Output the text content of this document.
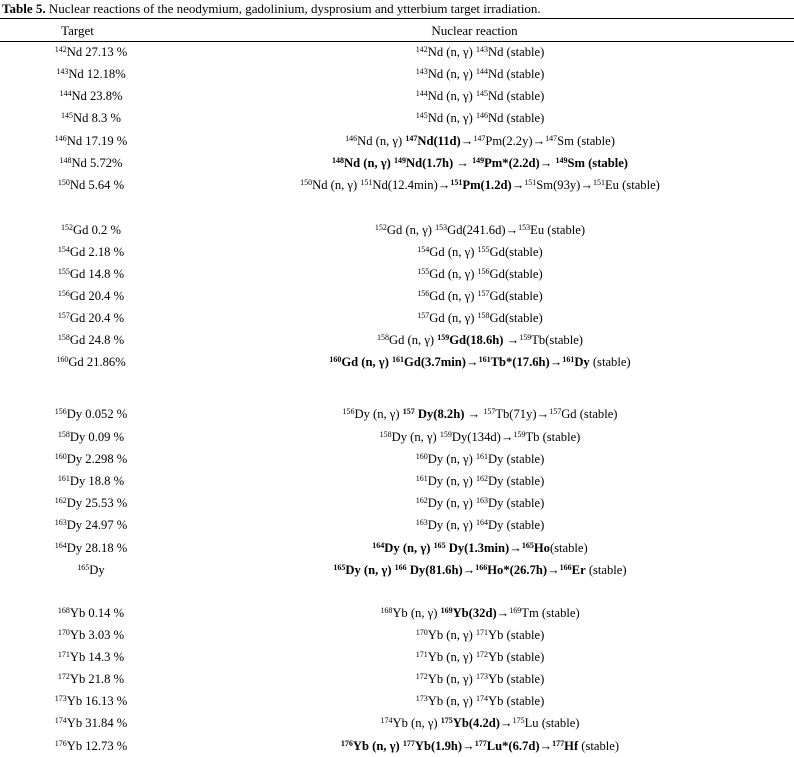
Table 5. Nuclear reactions of the neodymium, gadolinium, dysprosium and ytterbium target irradiation.
Target	Nuclear reaction
$^{142}$Nd 27.13 %	$^{142}$Nd (n, γ) $^{143}$Nd (stable)
$^{143}$Nd 12.18%	$^{143}$Nd (n, γ) $^{144}$Nd (stable)
$^{144}$Nd 23.8%	$^{144}$Nd (n, γ) $^{145}$Nd (stable)
$^{145}$Nd 8.3 %	$^{145}$Nd (n, γ) $^{146}$Nd (stable)
$^{146}$Nd 17.19 %	$^{146}$Nd (n, γ) $^{147}$Nd(11d)→$^{147}$Pm(2.2y)→$^{147}$Sm (stable)
$^{148}$Nd 5.72%	$^{148}$Nd (n, γ) $^{149}$Nd(1.7h) → $^{149}$Pm*(2.2d)→ $^{149}$Sm (stable)
$^{150}$Nd 5.64 %	$^{150}$Nd (n, γ) $^{151}$Nd(12.4min)→$^{151}$Pm(1.2d)→$^{151}$Sm(93y)→$^{151}$Eu (stable)
$^{152}$Gd 0.2 %	$^{152}$Gd (n, γ) $^{153}$Gd(241.6d)→$^{153}$Eu (stable)
$^{154}$Gd 2.18 %	$^{154}$Gd (n, γ) $^{155}$Gd(stable)
$^{155}$Gd 14.8 %	$^{155}$Gd (n, γ) $^{156}$Gd(stable)
$^{156}$Gd 20.4 %	$^{156}$Gd (n, γ) $^{157}$Gd(stable)
$^{157}$Gd 20.4 %	$^{157}$Gd (n, γ) $^{158}$Gd(stable)
$^{158}$Gd 24.8 %	$^{158}$Gd (n, γ) $^{159}$Gd(18.6h) →$^{159}$Tb(stable)
$^{160}$Gd 21.86%	$^{160}$Gd (n, γ) $^{161}$Gd(3.7min)→$^{161}$Tb*(17.6h)→$^{161}$Dy (stable)
$^{156}$Dy 0.052 %	$^{156}$Dy (n, γ) $^{157}$ Dy(8.2h) → $^{157}$Tb(71y)→$^{157}$Gd (stable)
$^{158}$Dy 0.09 %	$^{158}$Dy (n, γ) $^{159}$Dy(134d)→$^{159}$Tb (stable)
$^{160}$Dy 2.298 %	$^{160}$Dy (n, γ) $^{161}$Dy (stable)
$^{161}$Dy 18.8 %	$^{161}$Dy (n, γ) $^{162}$Dy (stable)
$^{162}$Dy 25.53 %	$^{162}$Dy (n, γ) $^{163}$Dy (stable)
$^{163}$Dy 24.97 %	$^{163}$Dy (n, γ) $^{164}$Dy (stable)
$^{164}$Dy 28.18 %	$^{164}$Dy (n, γ) $^{165}$ Dy(1.3min)→$^{165}$Ho(stable)
$^{165}$Dy	$^{165}$Dy (n, γ) $^{166}$ Dy(81.6h)→$^{166}$Ho*(26.7h)→$^{166}$Er (stable)
$^{168}$Yb 0.14 %	$^{168}$Yb (n, γ) $^{169}$Yb(32d)→$^{169}$Tm (stable)
$^{170}$Yb 3.03 %	$^{170}$Yb (n, γ) $^{171}$Yb (stable)
$^{171}$Yb 14.3 %	$^{171}$Yb (n, γ) $^{172}$Yb (stable)
$^{172}$Yb 21.8 %	$^{172}$Yb (n, γ) $^{173}$Yb (stable)
$^{173}$Yb 16.13 %	$^{173}$Yb (n, γ) $^{174}$Yb (stable)
$^{174}$Yb 31.84 %	$^{174}$Yb (n, γ) $^{175}$Yb(4.2d)→$^{175}$Lu (stable)
$^{176}$Yb 12.73 %	$^{176}$Yb (n, γ) $^{177}$Yb(1.9h)→$^{177}$Lu*(6.7d)→$^{177}$Hf (stable)
